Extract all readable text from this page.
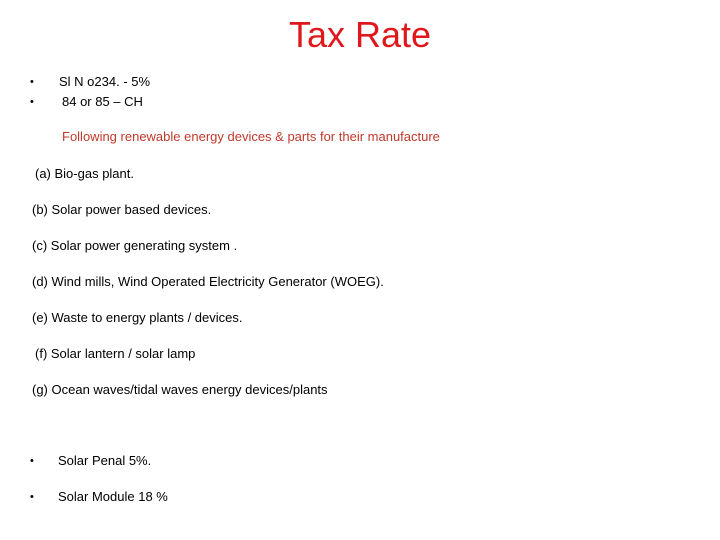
Tax Rate
• Sl N o234. - 5%
• 84 or 85 – CH
Following renewable energy devices & parts for their manufacture
(a) Bio-gas plant.
(b) Solar power based devices.
(c) Solar power generating system .
(d) Wind mills, Wind Operated Electricity Generator (WOEG).
(e) Waste to energy plants / devices.
(f) Solar lantern / solar lamp
(g) Ocean waves/tidal waves energy devices/plants
• Solar Penal 5%.
• Solar Module 18 %
